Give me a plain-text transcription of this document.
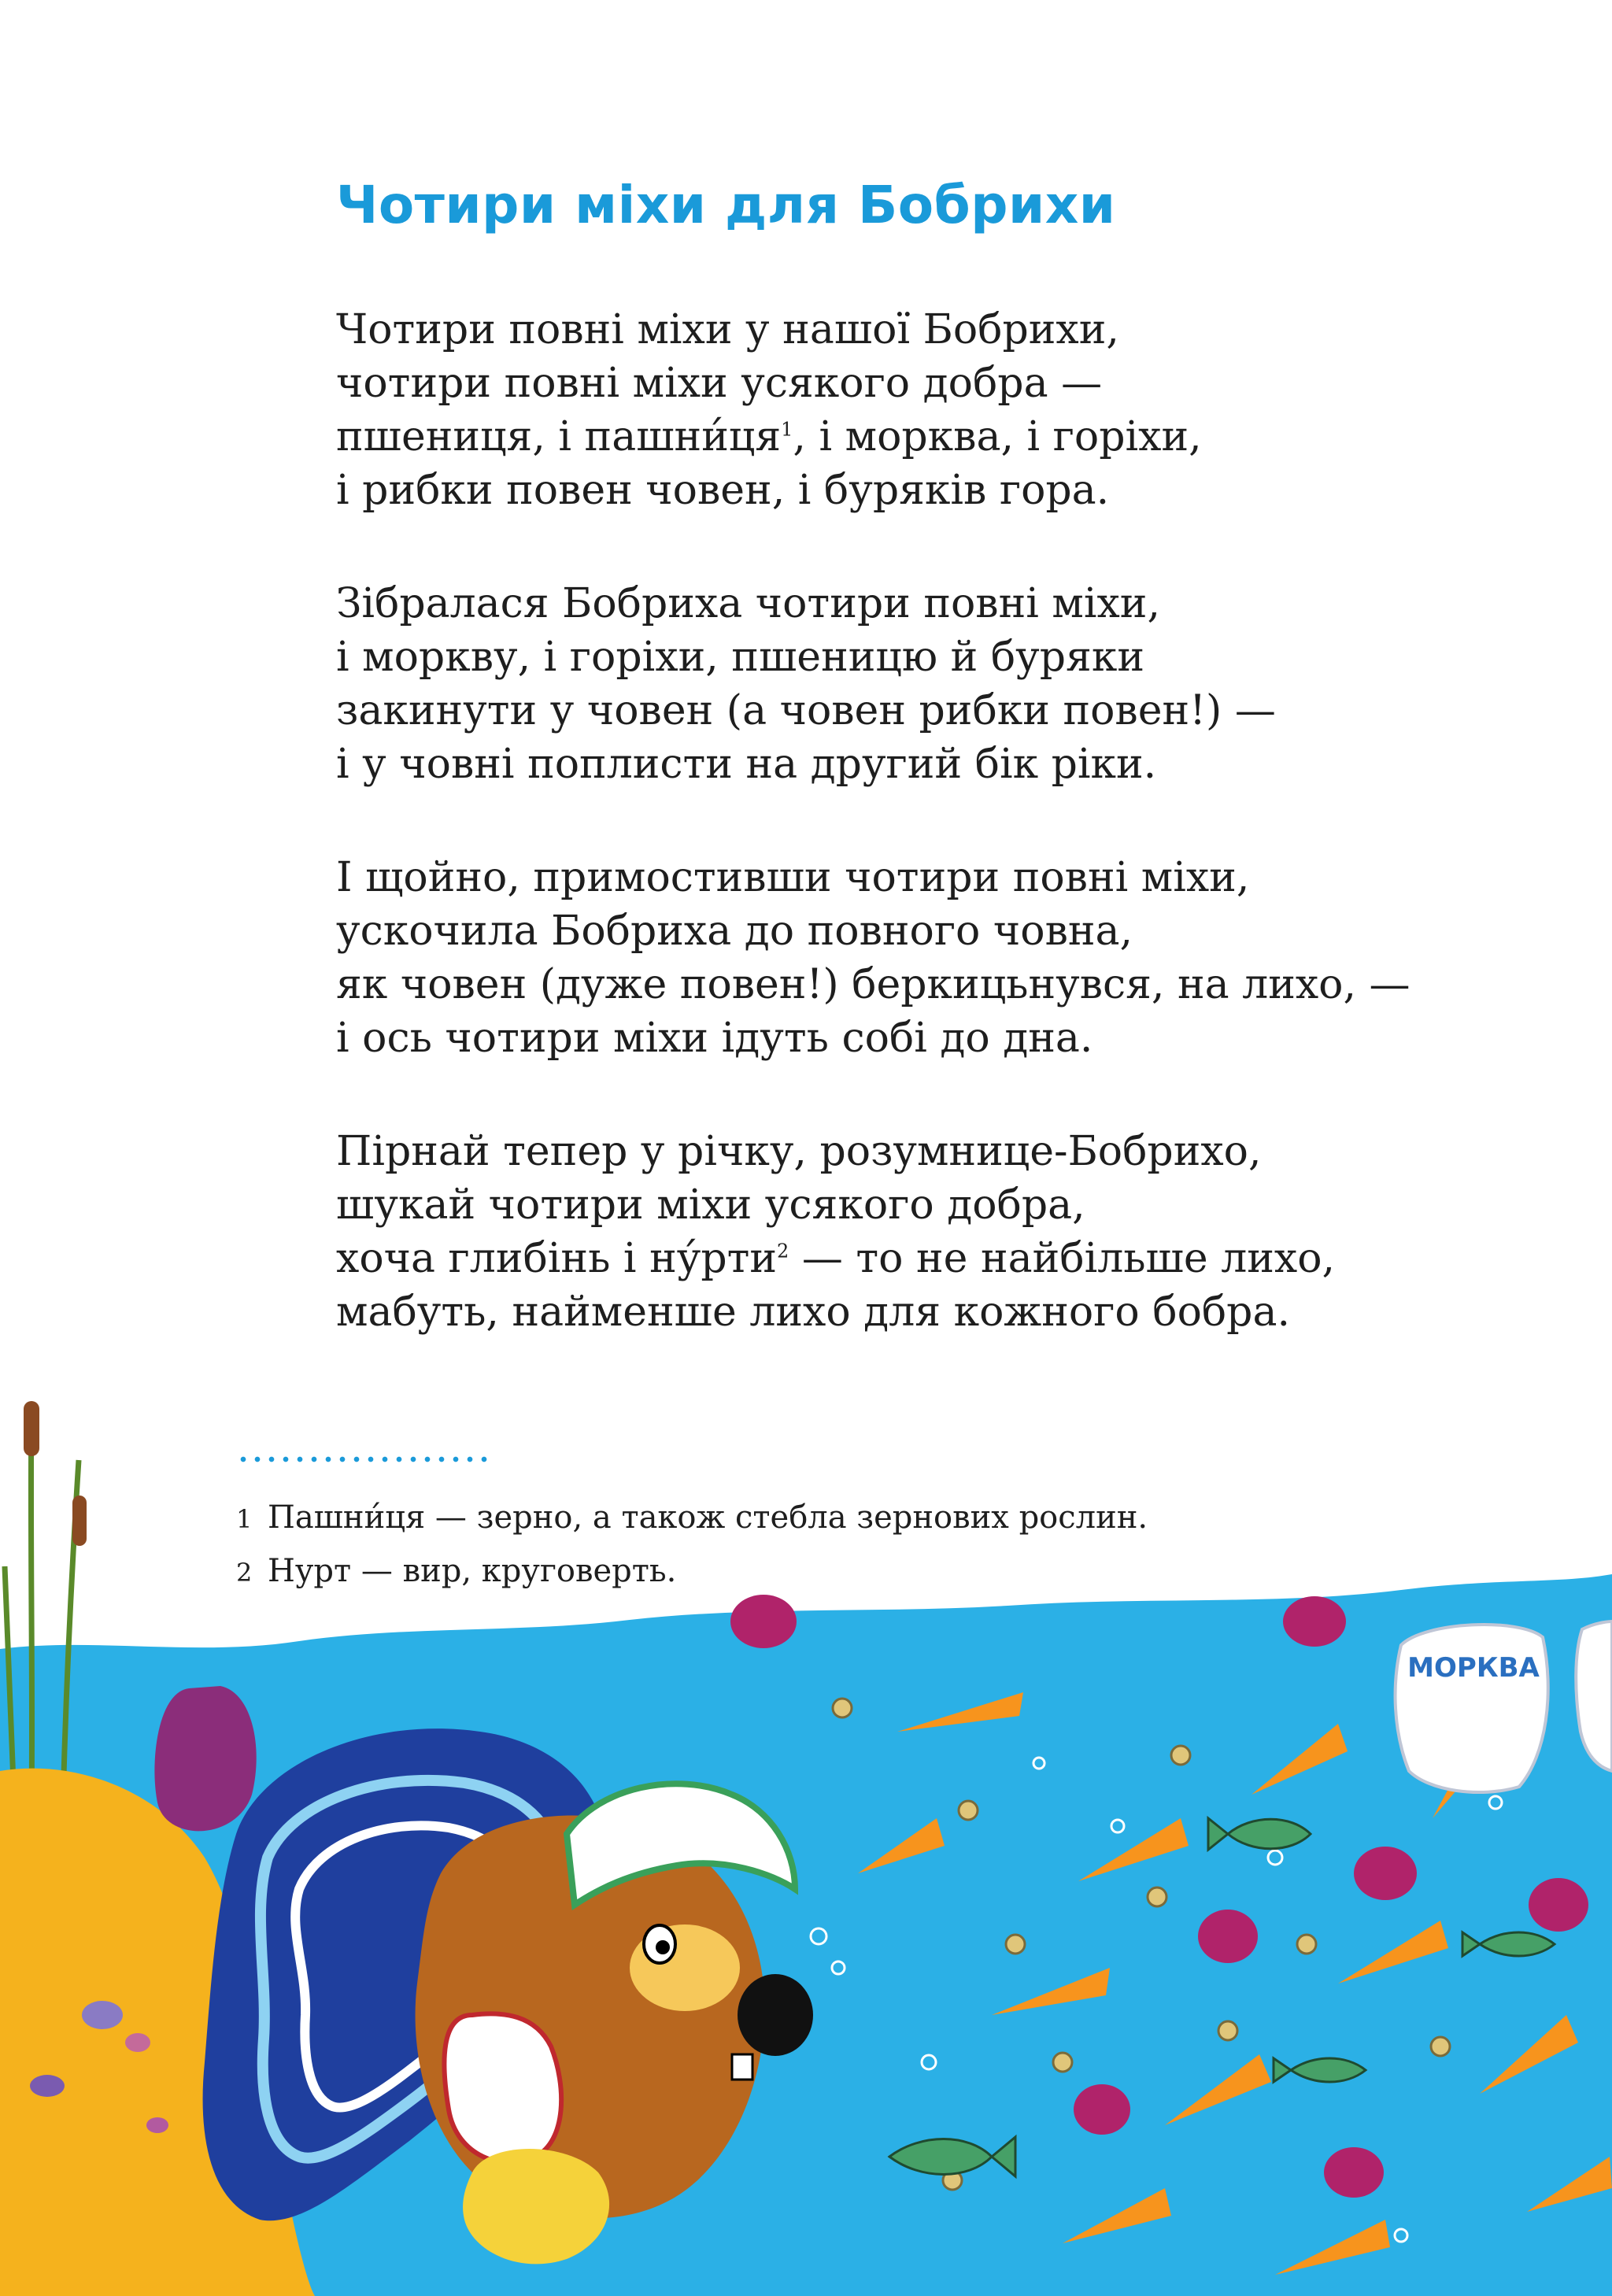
Чотири міхи для Бобрихи
Чотири повні міхи у нашої Бобрихи,
чотири повні міхи усякого добра —
пшениця, і пашни́ця$^1$, і морква, і горіхи,
і рибки повен човен, і буряків гора.
Зібралася Бобриха чотири повні міхи,
і моркву, і горіхи, пшеницю й буряки
закинути у човен (а човен рибки повен!) —
і у човні поплисти на другий бік ріки.
І щойно, примостивши чотири повні міхи,
ускочила Бобриха до повного човна,
як човен (дуже повен!) беркицьнувся, на лихо, —
і ось чотири міхи ідуть собі до дна.
Пірнай тепер у річку, розумнице-Бобрихо,
шукай чотири міхи усякого добра,
хоча глибінь і ну́рти$^2$ — то не найбільше лихо,
мабуть, найменше лихо для кожного бобра.
1 Пашни́ця — зерно, а також стебла зернових рослин.
2 Нурт — вир, круговерть.
МОРКВА
